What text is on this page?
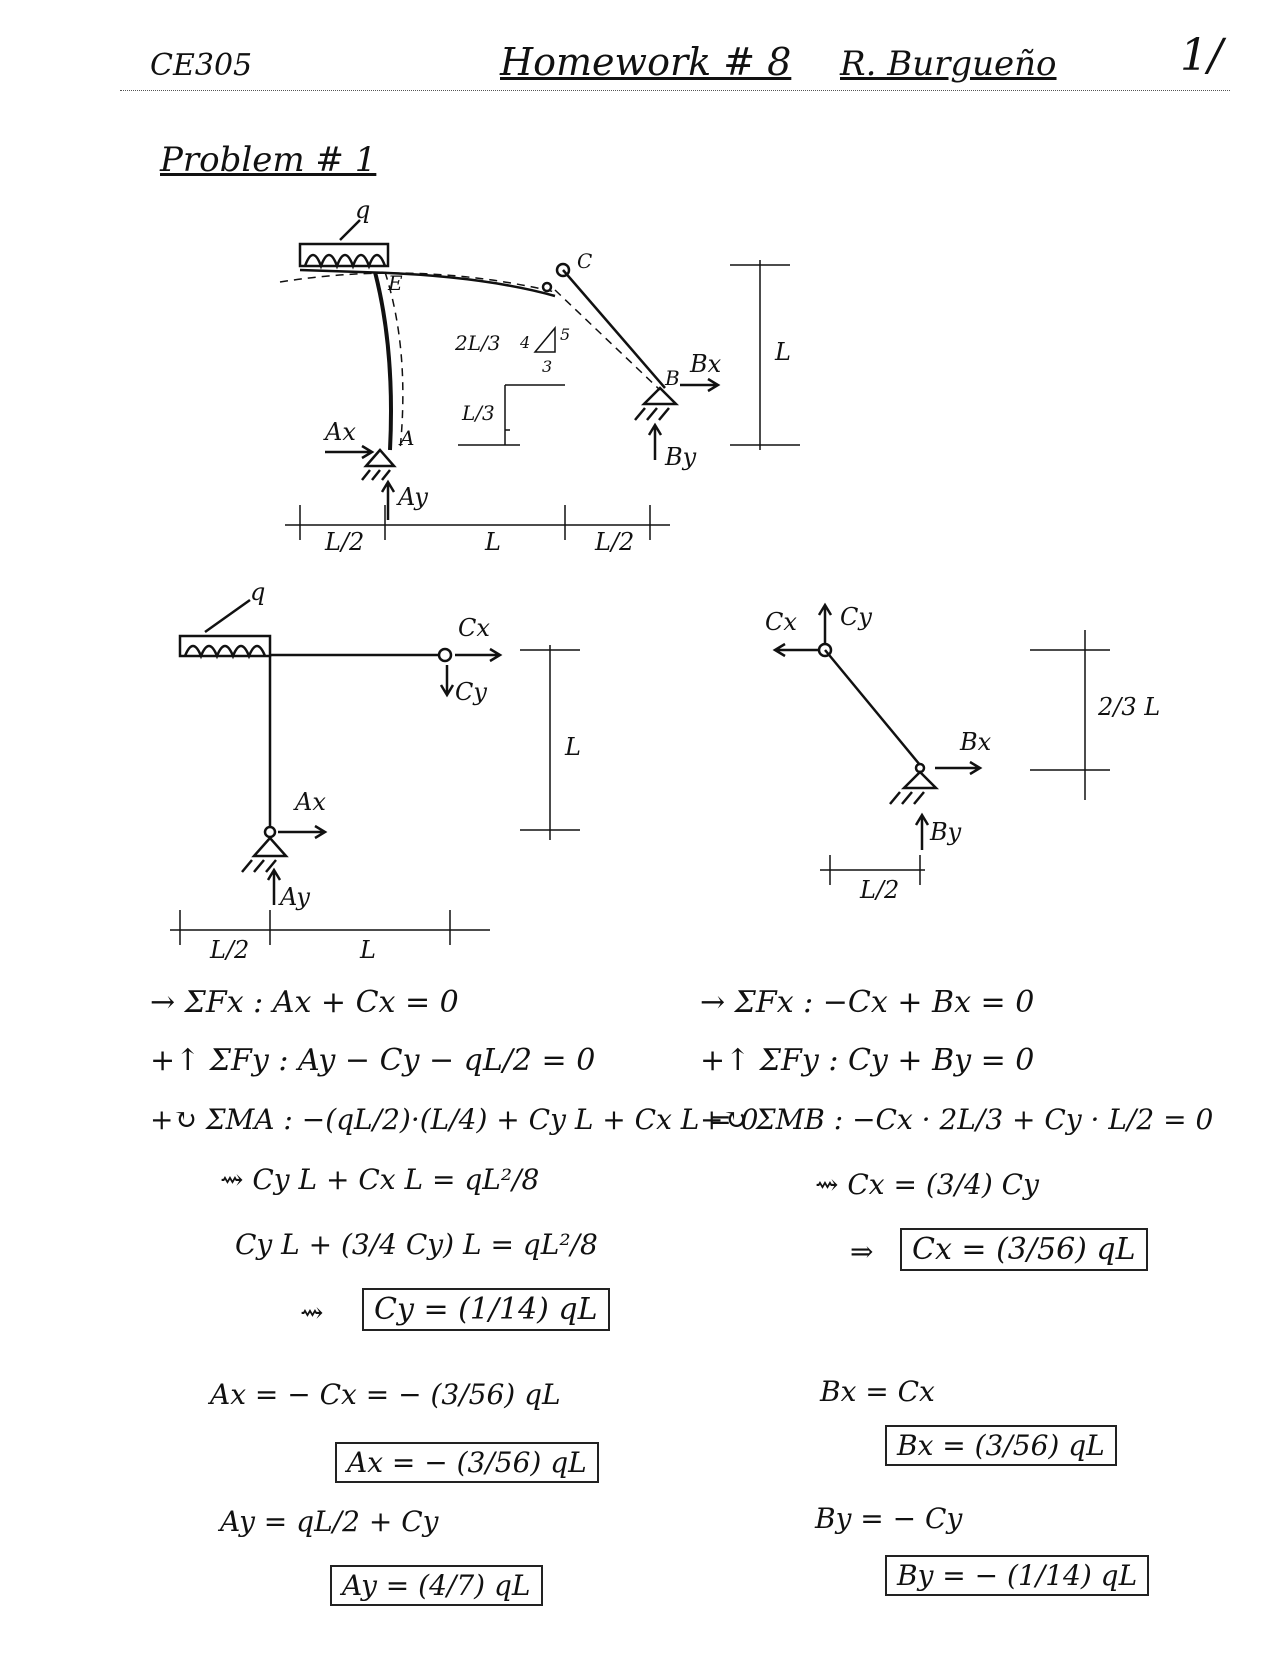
CE305	Homework # 8 R. Burgueño	1/
Problem # 1
q
E
C
A
B
Ax
Ay
Bx
By
4 5
3
2L/3
L/3
L
L/2	L	L/2
q
Cx
Cy
Ax
Ay
L
L/2	L
Cx Cy
Bx
By
2/3 L
L/2
→ ΣFx : Ax + Cx = 0
+↑ ΣFy : Ay − Cy − qL/2 = 0
+↻ ΣMA : −(qL/2)·(L/4) + Cy L + Cx L = 0
⇝ Cy L + Cx L = qL²/8
Cy L + (3/4 Cy) L = qL²/8
⇝	Cy = (1/14) qL
Ax = − Cx = − (3/56) qL
Ax = − (3/56) qL
Ay = qL/2 + Cy
Ay = (4/7) qL
→ ΣFx : −Cx + Bx = 0
+↑ ΣFy : Cy + By = 0
+↻ ΣMB : −Cx · 2L/3 + Cy · L/2 = 0
⇝ Cx = (3/4) Cy
⇒	Cx = (3/56) qL
Bx = Cx
Bx = (3/56) qL
By = − Cy
By = − (1/14) qL
